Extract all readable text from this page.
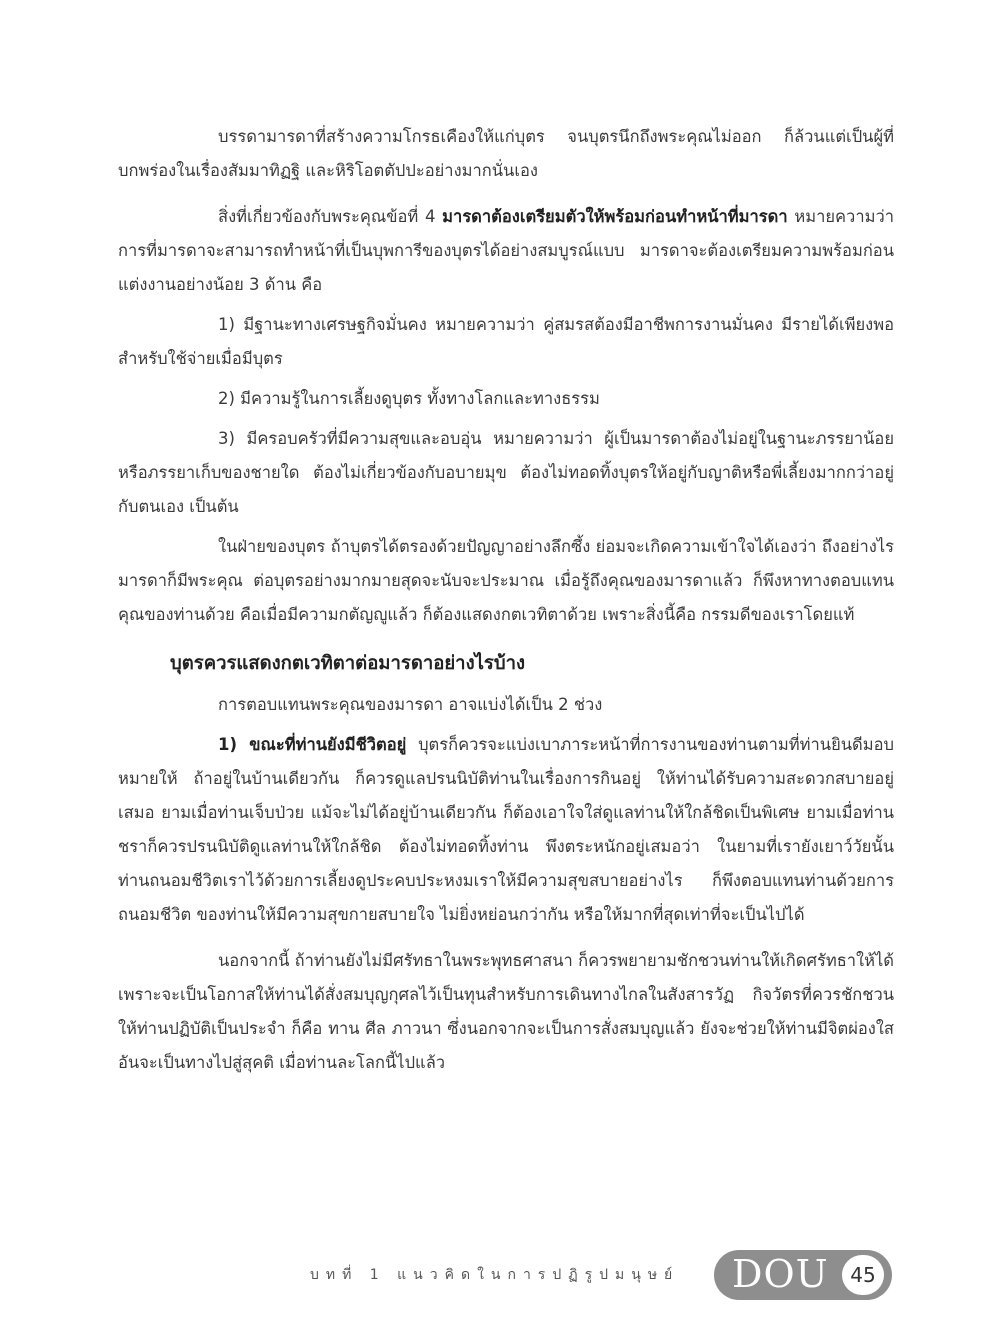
บรรดามารดาที่สร้างความโกรธเคืองให้แก่บุตร จนบุตรนึกถึงพระคุณไม่ออก ก็ล้วนแต่เป็นผู้ที่บกพร่องในเรื่องสัมมาทิฏฐิ และหิริโอตตัปปะอย่างมากนั่นเอง

สิ่งที่เกี่ยวข้องกับพระคุณข้อที่ 4 มารดาต้องเตรียมตัวให้พร้อมก่อนทำหน้าที่มารดา หมายความว่า การที่มารดาจะสามารถทำหน้าที่เป็นบุพการีของบุตรได้อย่างสมบูรณ์แบบ มารดาจะต้องเตรียมความพร้อมก่อนแต่งงานอย่างน้อย 3 ด้าน คือ

1) มีฐานะทางเศรษฐกิจมั่นคง หมายความว่า คู่สมรสต้องมีอาชีพการงานมั่นคง มีรายได้เพียงพอสำหรับใช้จ่ายเมื่อมีบุตร

2) มีความรู้ในการเลี้ยงดูบุตร ทั้งทางโลกและทางธรรม

3) มีครอบครัวที่มีความสุขและอบอุ่น หมายความว่า ผู้เป็นมารดาต้องไม่อยู่ในฐานะภรรยาน้อย หรือภรรยาเก็บของชายใด ต้องไม่เกี่ยวข้องกับอบายมุข ต้องไม่ทอดทิ้งบุตรให้อยู่กับญาติหรือพี่เลี้ยงมากกว่าอยู่กับตนเอง เป็นต้น

ในฝ่ายของบุตร ถ้าบุตรได้ตรองด้วยปัญญาอย่างลึกซึ้ง ย่อมจะเกิดความเข้าใจได้เองว่า ถึงอย่างไรมารดาก็มีพระคุณ ต่อบุตรอย่างมากมายสุดจะนับจะประมาณ เมื่อรู้ถึงคุณของมารดาแล้ว ก็พึงหาทางตอบแทนคุณของท่านด้วย คือเมื่อมีความกตัญญูแล้ว ก็ต้องแสดงกตเวทิตาด้วย เพราะสิ่งนี้คือ กรรมดีของเราโดยแท้

บุตรควรแสดงกตเวทิตาต่อมารดาอย่างไรบ้าง

การตอบแทนพระคุณของมารดา อาจแบ่งได้เป็น 2 ช่วง

1) ขณะที่ท่านยังมีชีวิตอยู่ บุตรก็ควรจะแบ่งเบาภาระหน้าที่การงานของท่านตามที่ท่านยินดีมอบหมายให้ ถ้าอยู่ในบ้านเดียวกัน ก็ควรดูแลปรนนิบัติท่านในเรื่องการกินอยู่ ให้ท่านได้รับความสะดวกสบายอยู่เสมอ ยามเมื่อท่านเจ็บป่วย แม้จะไม่ได้อยู่บ้านเดียวกัน ก็ต้องเอาใจใส่ดูแลท่านให้ใกล้ชิดเป็นพิเศษ ยามเมื่อท่านชราก็ควรปรนนิบัติดูแลท่านให้ใกล้ชิด ต้องไม่ทอดทิ้งท่าน พึงตระหนักอยู่เสมอว่า ในยามที่เรายังเยาว์วัยนั้น ท่านถนอมชีวิตเราไว้ด้วยการเลี้ยงดูประคบประหงมเราให้มีความสุขสบายอย่างไร ก็พึงตอบแทนท่านด้วยการถนอมชีวิต ของท่านให้มีความสุขกายสบายใจ ไม่ยิ่งหย่อนกว่ากัน หรือให้มากที่สุดเท่าที่จะเป็นไปได้

นอกจากนี้ ถ้าท่านยังไม่มีศรัทธาในพระพุทธศาสนา ก็ควรพยายามชักชวนท่านให้เกิดศรัทธาให้ได้ เพราะจะเป็นโอกาสให้ท่านได้สั่งสมบุญกุศลไว้เป็นทุนสำหรับการเดินทางไกลในสังสารวัฏ กิจวัตรที่ควรชักชวนให้ท่านปฏิบัติเป็นประจำ ก็คือ ทาน ศีล ภาวนา ซึ่งนอกจากจะเป็นการสั่งสมบุญแล้ว ยังจะช่วยให้ท่านมีจิตผ่องใส อันจะเป็นทางไปสู่สุคติ เมื่อท่านละโลกนี้ไปแล้ว

บทที่ 1 แนวคิดในการปฏิรูปมนุษย์ DOU	45
